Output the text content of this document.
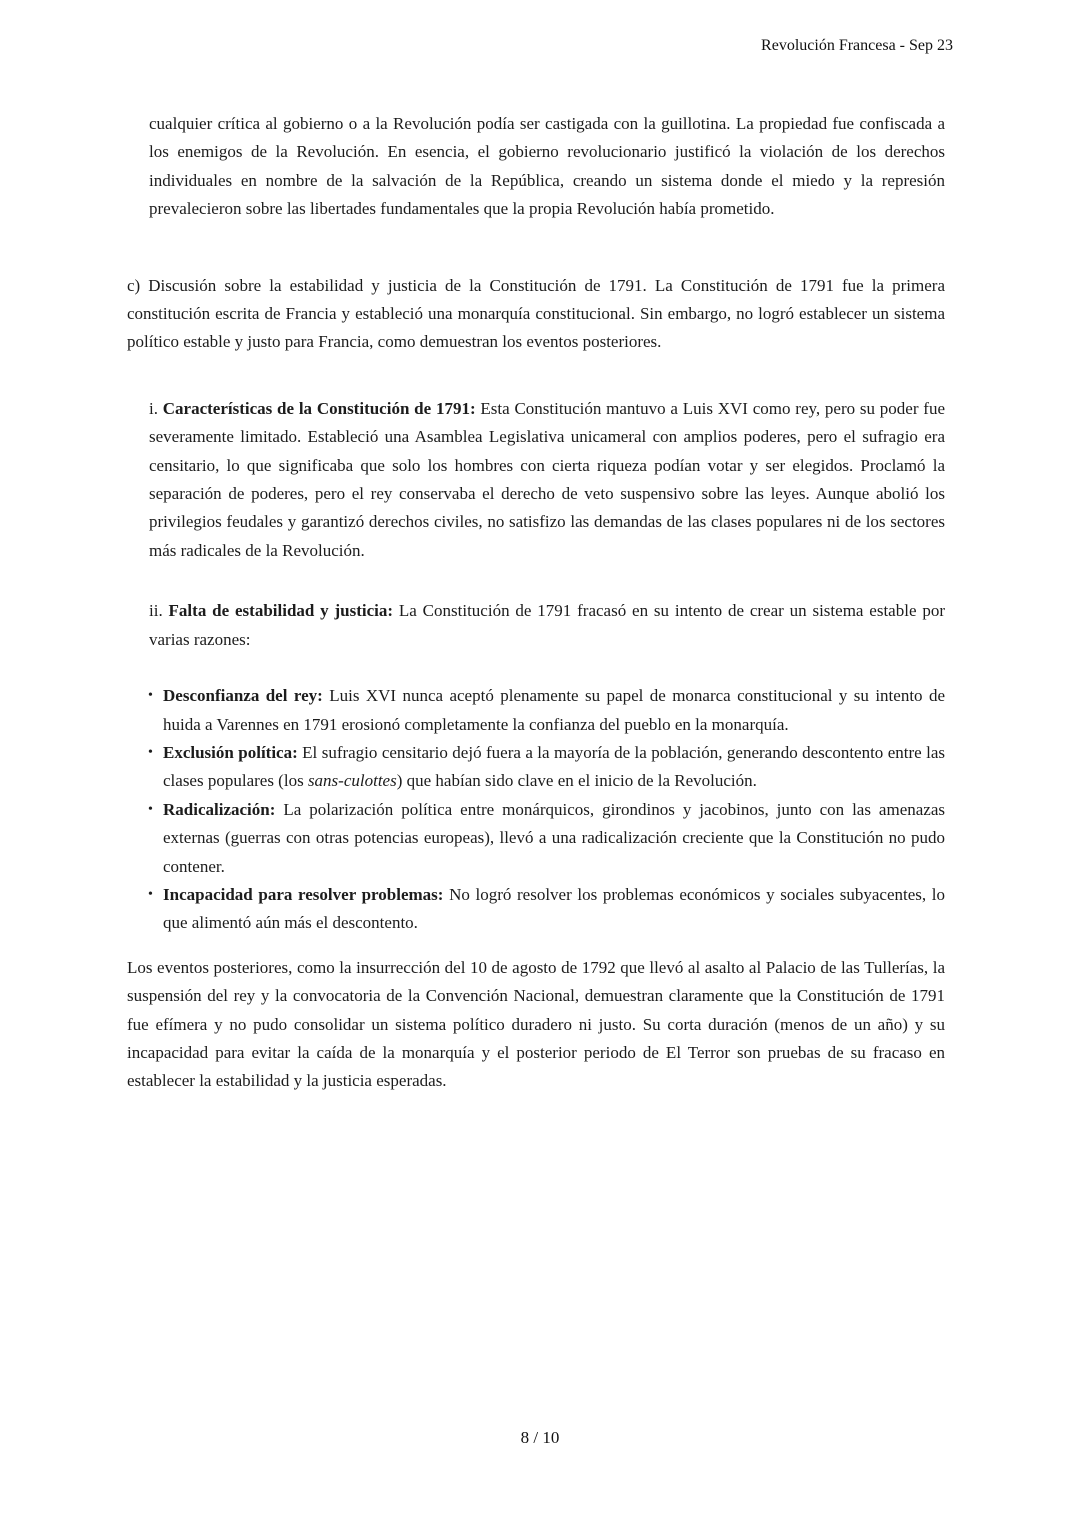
Revolución Francesa - Sep 23

cualquier crítica al gobierno o a la Revolución podía ser castigada con la guillotina. La propiedad fue confiscada a los enemigos de la Revolución. En esencia, el gobierno revolucionario justificó la violación de los derechos individuales en nombre de la salvación de la República, creando un sistema donde el miedo y la represión prevalecieron sobre las libertades fundamentales que la propia Revolución había prometido.

c) Discusión sobre la estabilidad y justicia de la Constitución de 1791. La Constitución de 1791 fue la primera constitución escrita de Francia y estableció una monarquía constitucional. Sin embargo, no logró establecer un sistema político estable y justo para Francia, como demuestran los eventos posteriores.

i. Características de la Constitución de 1791: Esta Constitución mantuvo a Luis XVI como rey, pero su poder fue severamente limitado. Estableció una Asamblea Legislativa unicameral con amplios poderes, pero el sufragio era censitario, lo que significaba que solo los hombres con cierta riqueza podían votar y ser elegidos. Proclamó la separación de poderes, pero el rey conservaba el derecho de veto suspensivo sobre las leyes. Aunque abolió los privilegios feudales y garantizó derechos civiles, no satisfizo las demandas de las clases populares ni de los sectores más radicales de la Revolución.

ii. Falta de estabilidad y justicia: La Constitución de 1791 fracasó en su intento de crear un sistema estable por varias razones:

• Desconfianza del rey: Luis XVI nunca aceptó plenamente su papel de monarca constitucional y su intento de huida a Varennes en 1791 erosionó completamente la confianza del pueblo en la monarquía.
• Exclusión política: El sufragio censitario dejó fuera a la mayoría de la población, generando descontento entre las clases populares (los sans-culottes) que habían sido clave en el inicio de la Revolución.
• Radicalización: La polarización política entre monárquicos, girondinos y jacobinos, junto con las amenazas externas (guerras con otras potencias europeas), llevó a una radicalización creciente que la Constitución no pudo contener.
• Incapacidad para resolver problemas: No logró resolver los problemas económicos y sociales subyacentes, lo que alimentó aún más el descontento.

Los eventos posteriores, como la insurrección del 10 de agosto de 1792 que llevó al asalto al Palacio de las Tullerías, la suspensión del rey y la convocatoria de la Convención Nacional, demuestran claramente que la Constitución de 1791 fue efímera y no pudo consolidar un sistema político duradero ni justo. Su corta duración (menos de un año) y su incapacidad para evitar la caída de la monarquía y el posterior periodo de El Terror son pruebas de su fracaso en establecer la estabilidad y la justicia esperadas.

8 / 10
